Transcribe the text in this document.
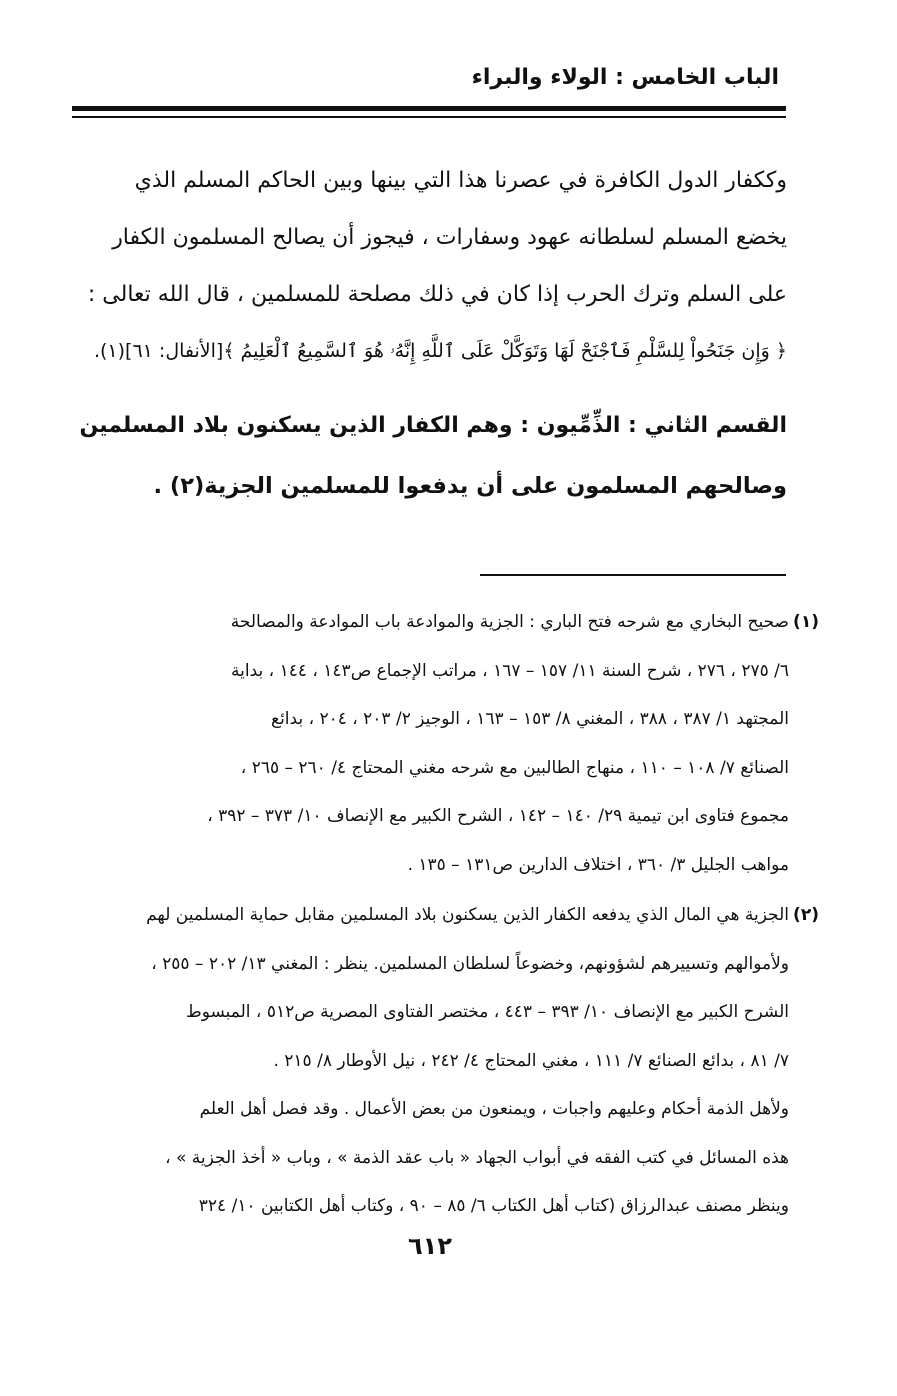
الباب الخامس : الولاء والبراء
وككفار الدول الكافرة في عصرنا هذا التي بينها وبين الحاكم المسلم الذي
يخضع المسلم لسلطانه عهود وسفارات ، فيجوز أن يصالح المسلمون الكفار
على السلم وترك الحرب إذا كان في ذلك مصلحة للمسلمين ، قال الله تعالى :
﴿ وَإِن جَنَحُواْ لِلسَّلْمِ فَٱجْنَحْ لَهَا وَتَوَكَّلْ عَلَى ٱللَّهِ إِنَّهُۥ هُوَ ٱلسَّمِيعُ ٱلْعَلِيمُ ﴾[الأنفال: ٦١](١).
القسم الثاني : الذِّمِّيون : وهم الكفار الذين يسكنون بلاد المسلمين
وصالحهم المسلمون على أن يدفعوا للمسلمين الجزية(٢) .
(١)
صحيح البخاري مع شرحه فتح الباري : الجزية والموادعة باب الموادعة والمصالحة
٦/ ٢٧٥ ، ٢٧٦ ، شرح السنة ١١/ ١٥٧ – ١٦٧ ، مراتب الإجماع ص١٤٣ ، ١٤٤ ، بداية
المجتهد ١/ ٣٨٧ ، ٣٨٨ ، المغني ٨/ ١٥٣ – ١٦٣ ، الوجيز ٢/ ٢٠٣ ، ٢٠٤ ، بدائع
الصنائع ٧/ ١٠٨ – ١١٠ ، منهاج الطالبين مع شرحه مغني المحتاج ٤/ ٢٦٠ – ٢٦٥ ،
مجموع فتاوى ابن تيمية ٢٩/ ١٤٠ – ١٤٢ ، الشرح الكبير مع الإنصاف ١٠/ ٣٧٣ – ٣٩٢ ،
مواهب الجليل ٣/ ٣٦٠ ، اختلاف الدارين ص١٣١ – ١٣٥ .
(٢)
الجزية هي المال الذي يدفعه الكفار الذين يسكنون بلاد المسلمين مقابل حماية المسلمين لهم
ولأموالهم وتسييرهم لشؤونهم، وخضوعاً لسلطان المسلمين. ينظر : المغني ١٣/ ٢٠٢ – ٢٥٥ ،
الشرح الكبير مع الإنصاف ١٠/ ٣٩٣ – ٤٤٣ ، مختصر الفتاوى المصرية ص٥١٢ ، المبسوط
٧/ ٨١ ، بدائع الصنائع ٧/ ١١١ ، مغني المحتاج ٤/ ٢٤٢ ، نيل الأوطار ٨/ ٢١٥ .
ولأهل الذمة أحكام وعليهم واجبات ، ويمنعون من بعض الأعمال . وقد فصل أهل العلم
هذه المسائل في كتب الفقه في أبواب الجهاد « باب عقد الذمة » ، وباب « أخذ الجزية » ،
وينظر مصنف عبدالرزاق (كتاب أهل الكتاب ٦/ ٨٥ – ٩٠ ، وكتاب أهل الكتابين ١٠/ ٣٢٤
٦١٢
